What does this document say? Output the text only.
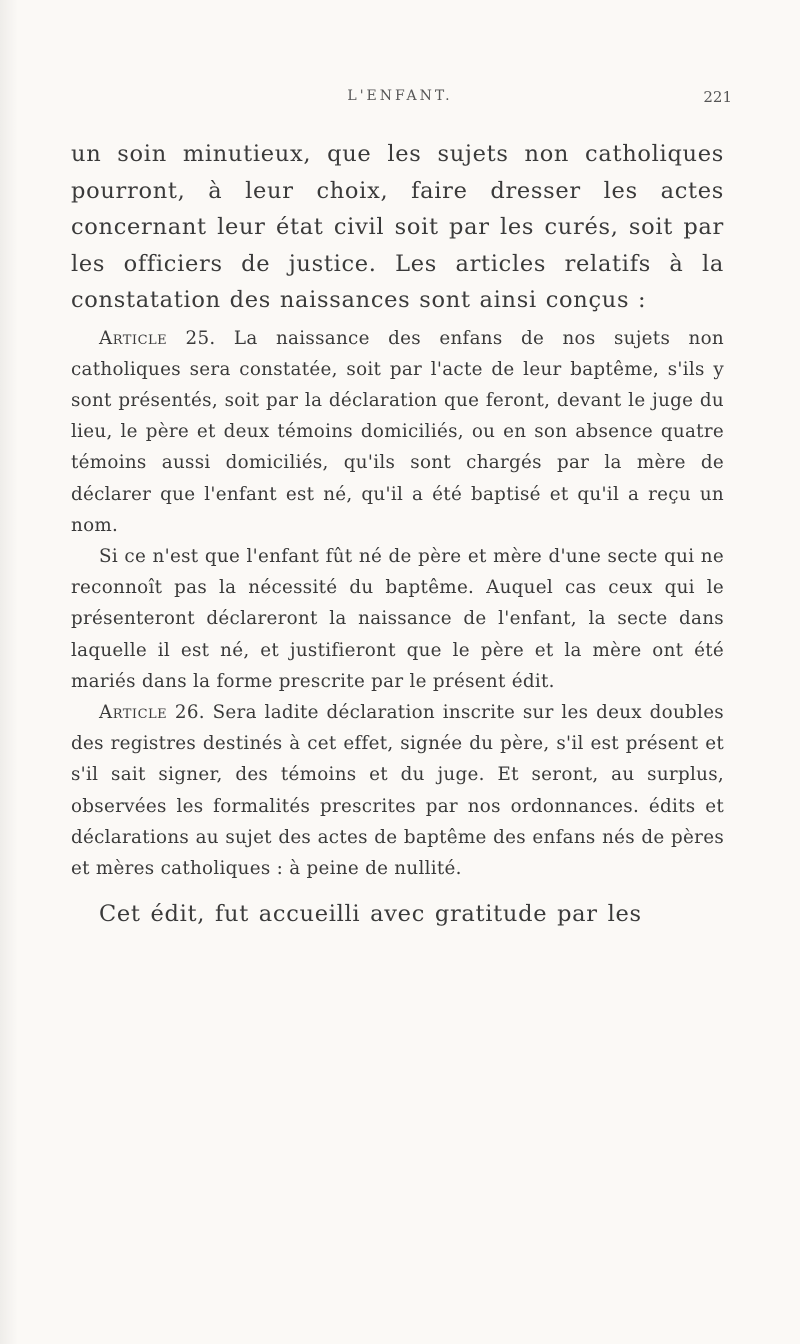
L'ENFANT.	221

un soin minutieux, que les sujets non catholiques pourront, à leur choix, faire dresser les actes concernant leur état civil soit par les curés, soit par les officiers de justice. Les articles relatifs à la constatation des naissances sont ainsi conçus :

Article 25. La naissance des enfans de nos sujets non catholiques sera constatée, soit par l'acte de leur baptême, s'ils y sont présentés, soit par la déclaration que feront, devant le juge du lieu, le père et deux témoins domiciliés, ou en son absence quatre témoins aussi domiciliés, qu'ils sont chargés par la mère de déclarer que l'enfant est né, qu'il a été baptisé et qu'il a reçu un nom.

Si ce n'est que l'enfant fût né de père et mère d'une secte qui ne reconnoît pas la nécessité du baptême. Auquel cas ceux qui le présenteront déclareront la naissance de l'enfant, la secte dans laquelle il est né, et justifieront que le père et la mère ont été mariés dans la forme prescrite par le présent édit.

Article 26. Sera ladite déclaration inscrite sur les deux doubles des registres destinés à cet effet, signée du père, s'il est présent et s'il sait signer, des témoins et du juge. Et seront, au surplus, observées les formalités prescrites par nos ordonnances. édits et déclarations au sujet des actes de baptême des enfans nés de pères et mères catholiques : à peine de nullité.

Cet édit, fut accueilli avec gratitude par les
